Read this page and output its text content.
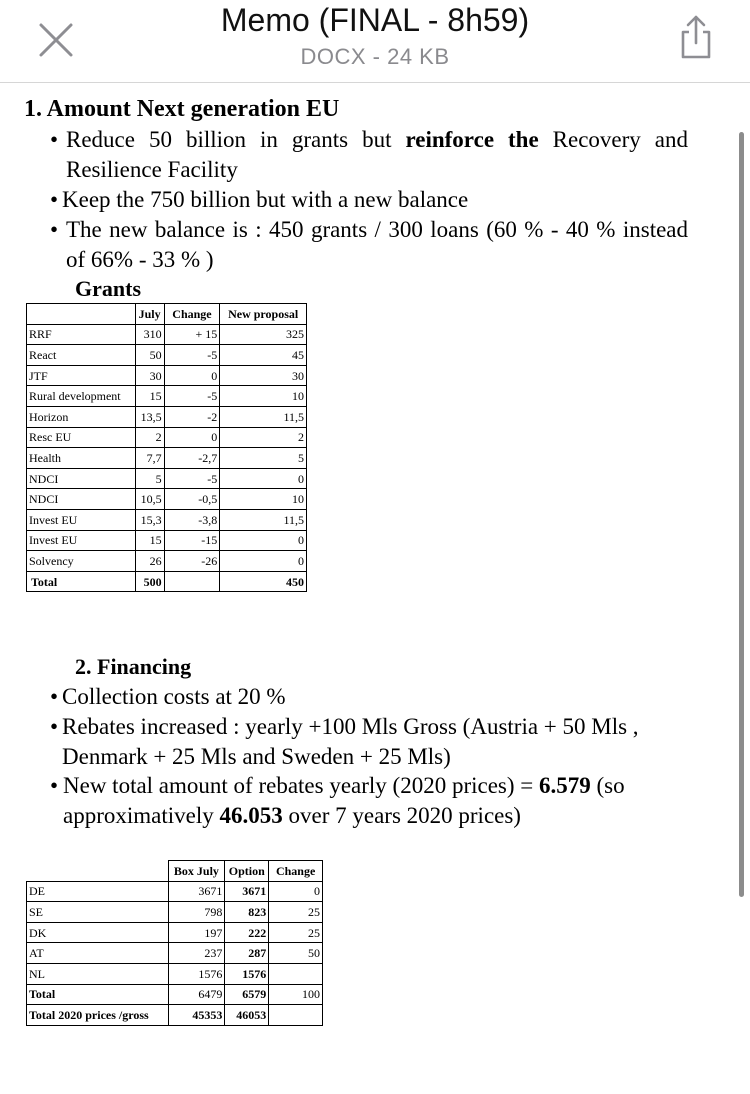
Memo (FINAL - 8h59)
DOCX - 24 KB
1. Amount Next generation EU
• Reduce 50 billion in grants but reinforce the Recovery and Resilience Facility
• Keep the 750 billion but with a new balance
• The new balance is : 450 grants / 300 loans (60 % - 40 % instead of 66% - 33 % )
Grants
	July	Change	New proposal
RRF	310	+ 15	325
React	50	-5	45
JTF	30	0	30
Rural development	15	-5	10
Horizon	13,5	-2	11,5
Resc EU	2	0	2
Health	7,7	-2,7	5
NDCI	5	-5	0
NDCI	10,5	-0,5	10
Invest EU	15,3	-3,8	11,5
Invest EU	15	-15	0
Solvency	26	-26	0
Total	500		450
2. Financing
• Collection costs at 20 %
• Rebates increased : yearly +100 Mls Gross (Austria + 50 Mls , Denmark + 25 Mls and Sweden + 25 Mls)
• New total amount of rebates yearly (2020 prices) = 6.579 (so approximatively 46.053 over 7 years 2020 prices)
	Box July	Option	Change
DE	3671	3671	0
SE	798	823	25
DK	197	222	25
AT	237	287	50
NL	1576	1576	
Total	6479	6579	100
Total 2020 prices /gross	45353	46053	
